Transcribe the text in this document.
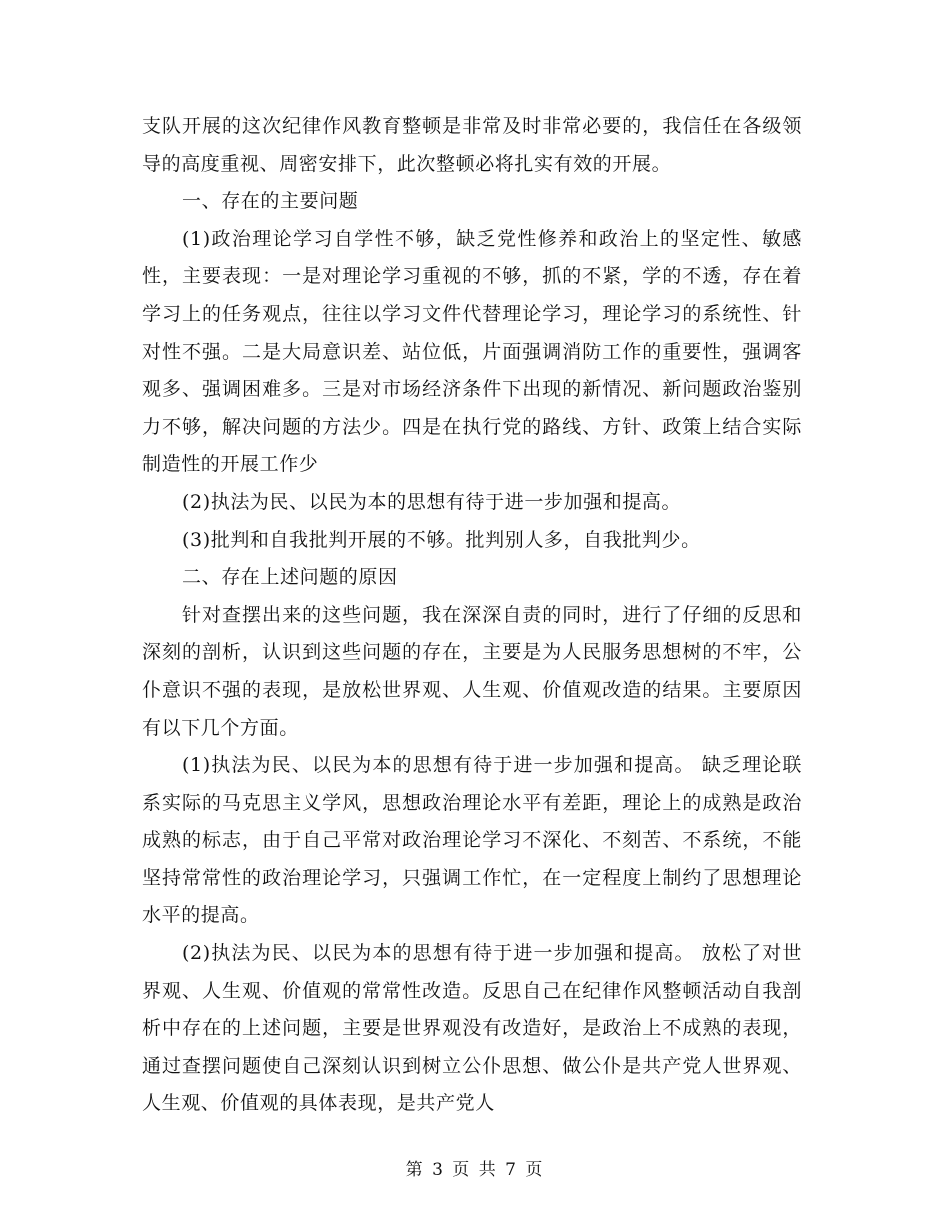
支队开展的这次纪律作风教育整顿是非常及时非常必要的，我信任在各级领导的高度重视、周密安排下，此次整顿必将扎实有效的开展。

一、存在的主要问题

(1)政治理论学习自学性不够，缺乏党性修养和政治上的坚定性、敏感性，主要表现：一是对理论学习重视的不够，抓的不紧，学的不透，存在着学习上的任务观点，往往以学习文件代替理论学习，理论学习的系统性、针对性不强。二是大局意识差、站位低，片面强调消防工作的重要性，强调客观多、强调困难多。三是对市场经济条件下出现的新情况、新问题政治鉴别力不够，解决问题的方法少。四是在执行党的路线、方针、政策上结合实际制造性的开展工作少

(2)执法为民、以民为本的思想有待于进一步加强和提高。

(3)批判和自我批判开展的不够。批判别人多，自我批判少。

二、存在上述问题的原因

针对查摆出来的这些问题，我在深深自责的同时，进行了仔细的反思和深刻的剖析，认识到这些问题的存在，主要是为人民服务思想树的不牢，公仆意识不强的表现，是放松世界观、人生观、价值观改造的结果。主要原因有以下几个方面。

(1)执法为民、以民为本的思想有待于进一步加强和提高。 缺乏理论联系实际的马克思主义学风，思想政治理论水平有差距，理论上的成熟是政治成熟的标志，由于自己平常对政治理论学习不深化、不刻苦、不系统，不能坚持常常性的政治理论学习，只强调工作忙，在一定程度上制约了思想理论水平的提高。

(2)执法为民、以民为本的思想有待于进一步加强和提高。 放松了对世界观、人生观、价值观的常常性改造。反思自己在纪律作风整顿活动自我剖析中存在的上述问题，主要是世界观没有改造好，是政治上不成熟的表现，通过查摆问题使自己深刻认识到树立公仆思想、做公仆是共产党人世界观、人生观、价值观的具体表现，是共产党人

第 3 页 共 7 页
